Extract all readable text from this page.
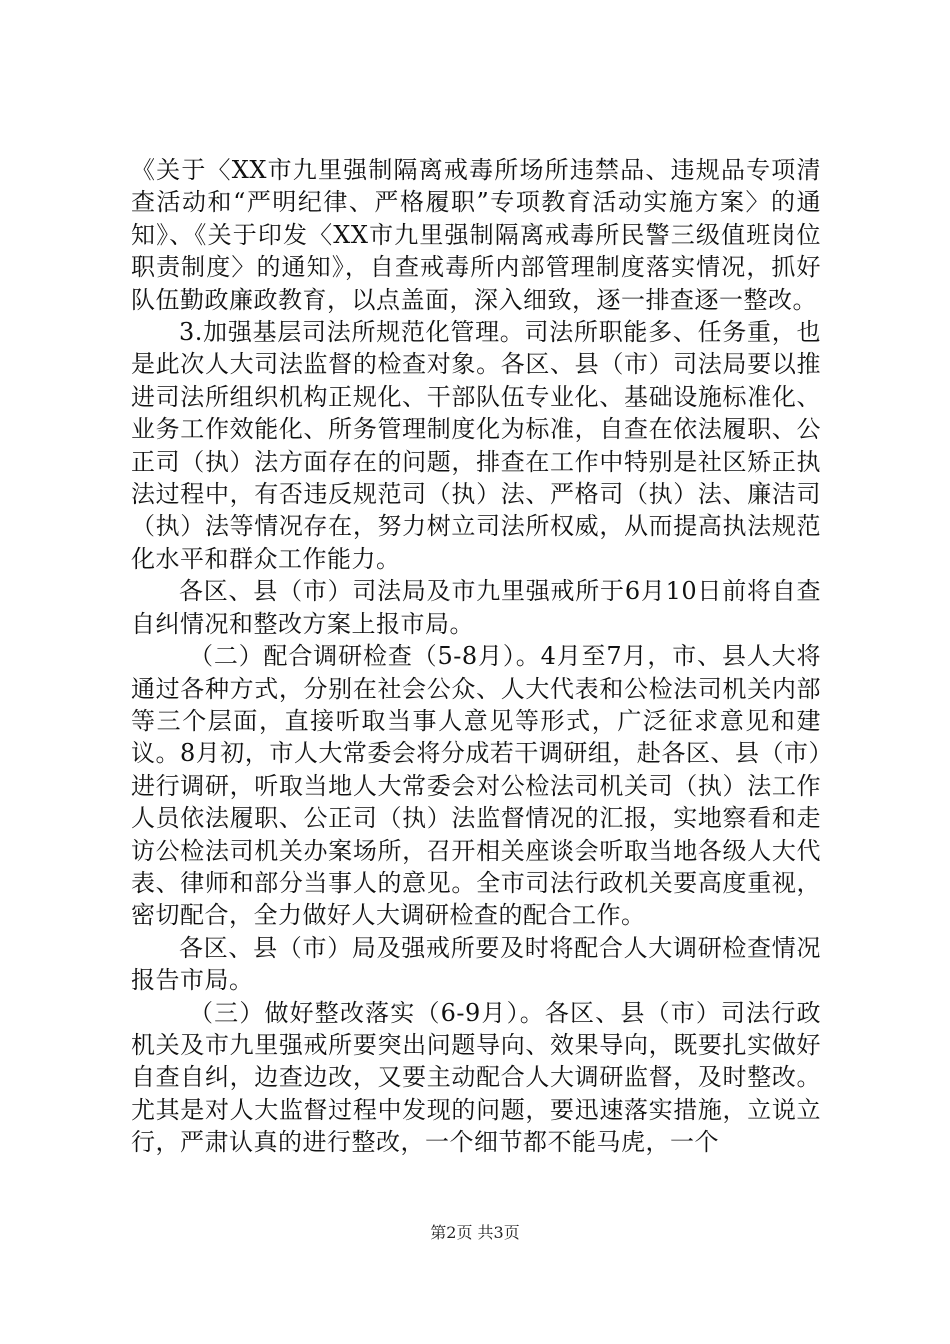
《关于〈XX市九里强制隔离戒毒所场所违禁品、违规品专项清查活动和“严明纪律、严格履职”专项教育活动实施方案〉的通知》、《关于印发〈XX市九里强制隔离戒毒所民警三级值班岗位职责制度〉的通知》，自查戒毒所内部管理制度落实情况，抓好队伍勤政廉政教育，以点盖面，深入细致，逐一排查逐一整改。

3.加强基层司法所规范化管理。司法所职能多、任务重，也是此次人大司法监督的检查对象。各区、县（市）司法局要以推进司法所组织机构正规化、干部队伍专业化、基础设施标准化、业务工作效能化、所务管理制度化为标准，自查在依法履职、公正司（执）法方面存在的问题，排查在工作中特别是社区矫正执法过程中，有否违反规范司（执）法、严格司（执）法、廉洁司（执）法等情况存在，努力树立司法所权威，从而提高执法规范化水平和群众工作能力。

各区、县（市）司法局及市九里强戒所于6月10日前将自查自纠情况和整改方案上报市局。

（二）配合调研检查（5-8月）。4月至7月，市、县人大将通过各种方式，分别在社会公众、人大代表和公检法司机关内部等三个层面，直接听取当事人意见等形式，广泛征求意见和建议。8月初，市人大常委会将分成若干调研组，赴各区、县（市）进行调研，听取当地人大常委会对公检法司机关司（执）法工作人员依法履职、公正司（执）法监督情况的汇报，实地察看和走访公检法司机关办案场所，召开相关座谈会听取当地各级人大代表、律师和部分当事人的意见。全市司法行政机关要高度重视，密切配合，全力做好人大调研检查的配合工作。

各区、县（市）局及强戒所要及时将配合人大调研检查情况报告市局。

（三）做好整改落实（6-9月）。各区、县（市）司法行政机关及市九里强戒所要突出问题导向、效果导向，既要扎实做好自查自纠，边查边改，又要主动配合人大调研监督，及时整改。尤其是对人大监督过程中发现的问题，要迅速落实措施，立说立行，严肃认真的进行整改，一个细节都不能马虎，一个

第2页 共3页
